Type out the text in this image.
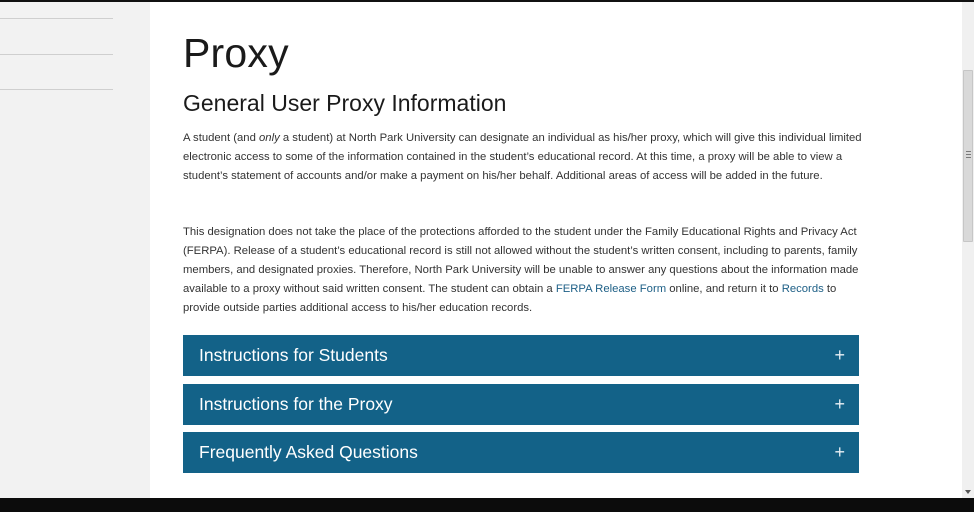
Proxy
General User Proxy Information

A student (and only a student) at North Park University can designate an individual as his/her proxy, which will give this individual limited electronic access to some of the information contained in the student’s educational record. At this time, a proxy will be able to view a student’s statement of accounts and/or make a payment on his/her behalf. Additional areas of access will be added in the future.

This designation does not take the place of the protections afforded to the student under the Family Educational Rights and Privacy Act (FERPA). Release of a student’s educational record is still not allowed without the student’s written consent, including to parents, family members, and designated proxies. Therefore, North Park University will be unable to answer any questions about the information made available to a proxy without said written consent. The student can obtain a FERPA Release Form online, and return it to Records to provide outside parties additional access to his/her education records.

Instructions for Students	+
Instructions for the Proxy	+
Frequently Asked Questions	+
